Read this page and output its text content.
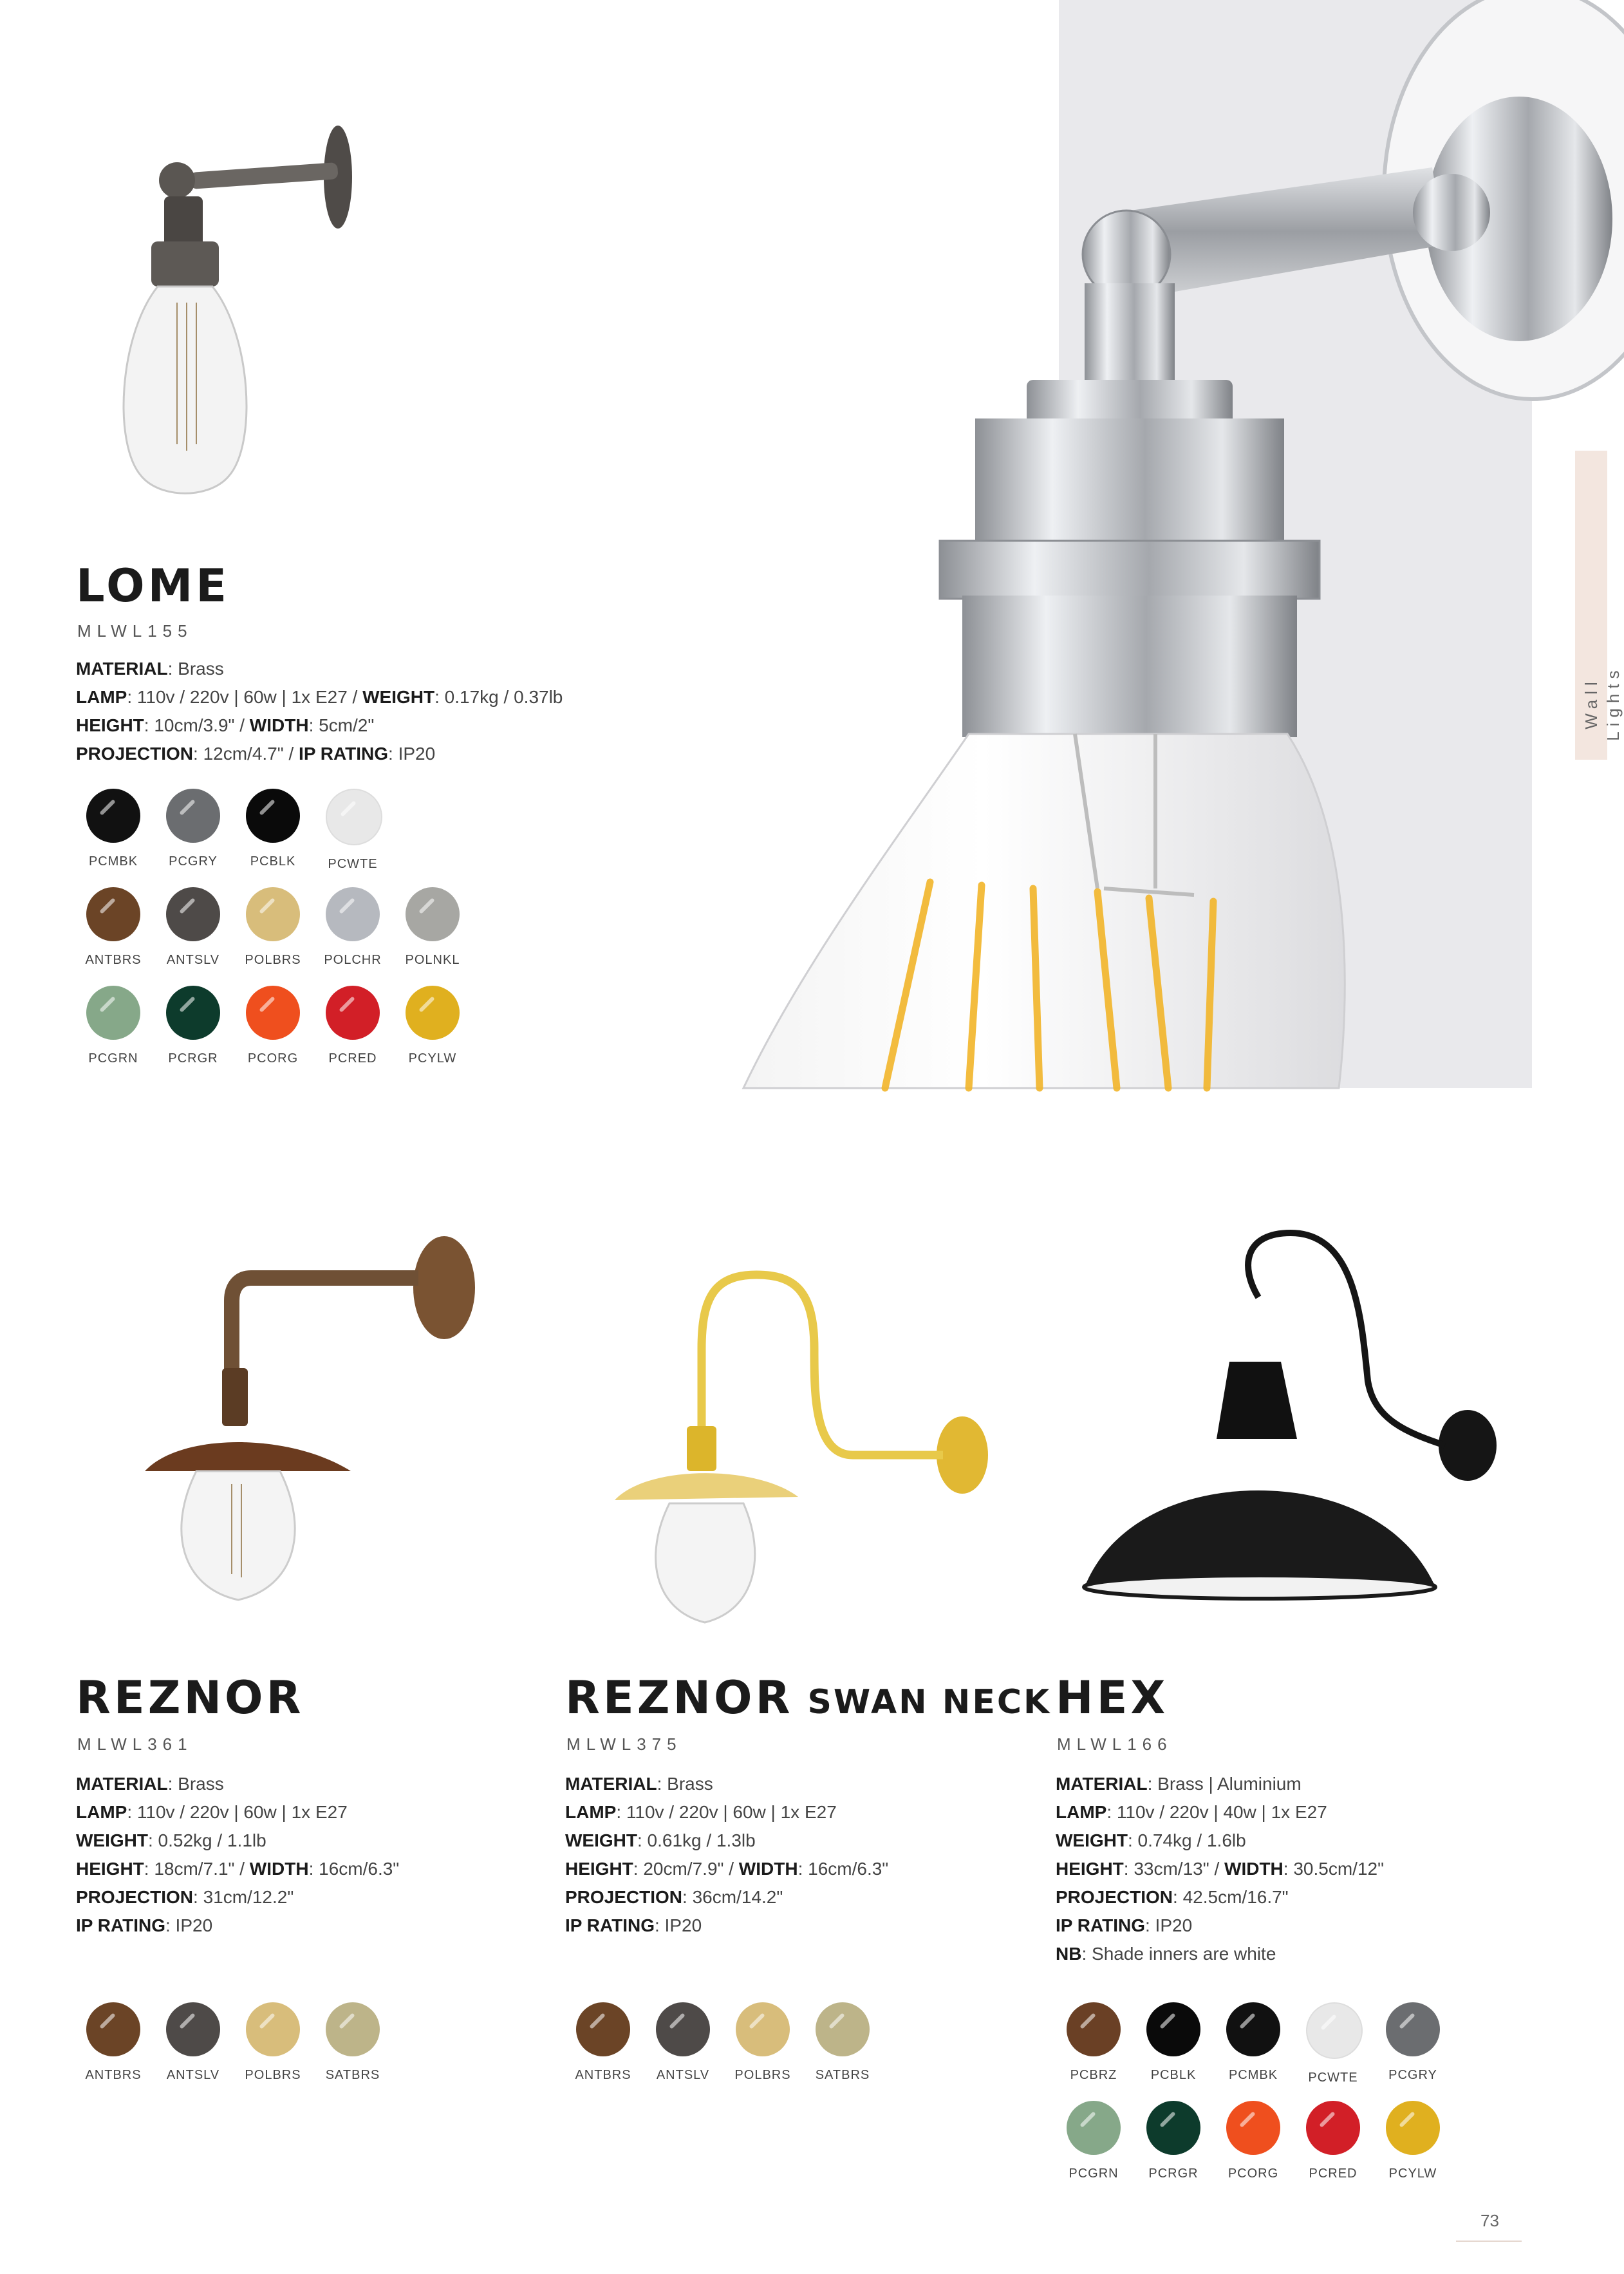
Wall Lights
LOME
MLWL155
MATERIAL: Brass
LAMP: 110v / 220v | 60w | 1x E27 / WEIGHT: 0.17kg / 0.37lb
HEIGHT: 10cm/3.9" / WIDTH: 5cm/2"
PROJECTION: 12cm/4.7" / IP RATING: IP20
PCMBK	PCGRY	PCBLK	PCWTE
ANTBRS	ANTSLV	POLBRS	POLCHR	POLNKL
PCGRN	PCRGR	PCORG	PCRED	PCYLW
REZNOR
MLWL361
MATERIAL: Brass
LAMP: 110v / 220v | 60w | 1x E27
WEIGHT: 0.52kg / 1.1lb
HEIGHT: 18cm/7.1" / WIDTH: 16cm/6.3"
PROJECTION: 31cm/12.2"
IP RATING: IP20
ANTBRS	ANTSLV	POLBRS	SATBRS
REZNOR SWAN NECK
MLWL375
MATERIAL: Brass
LAMP: 110v / 220v | 60w | 1x E27
WEIGHT: 0.61kg / 1.3lb
HEIGHT: 20cm/7.9" / WIDTH: 16cm/6.3"
PROJECTION: 36cm/14.2"
IP RATING: IP20
ANTBRS	ANTSLV	POLBRS	SATBRS
HEX
MLWL166
MATERIAL: Brass | Aluminium
LAMP: 110v / 220v | 40w | 1x E27
WEIGHT: 0.74kg / 1.6lb
HEIGHT: 33cm/13" / WIDTH: 30.5cm/12"
PROJECTION: 42.5cm/16.7"
IP RATING: IP20
NB: Shade inners are white
PCBRZ	PCBLK	PCMBK	PCWTE	PCGRY
PCGRN	PCRGR	PCORG	PCRED	PCYLW
73
